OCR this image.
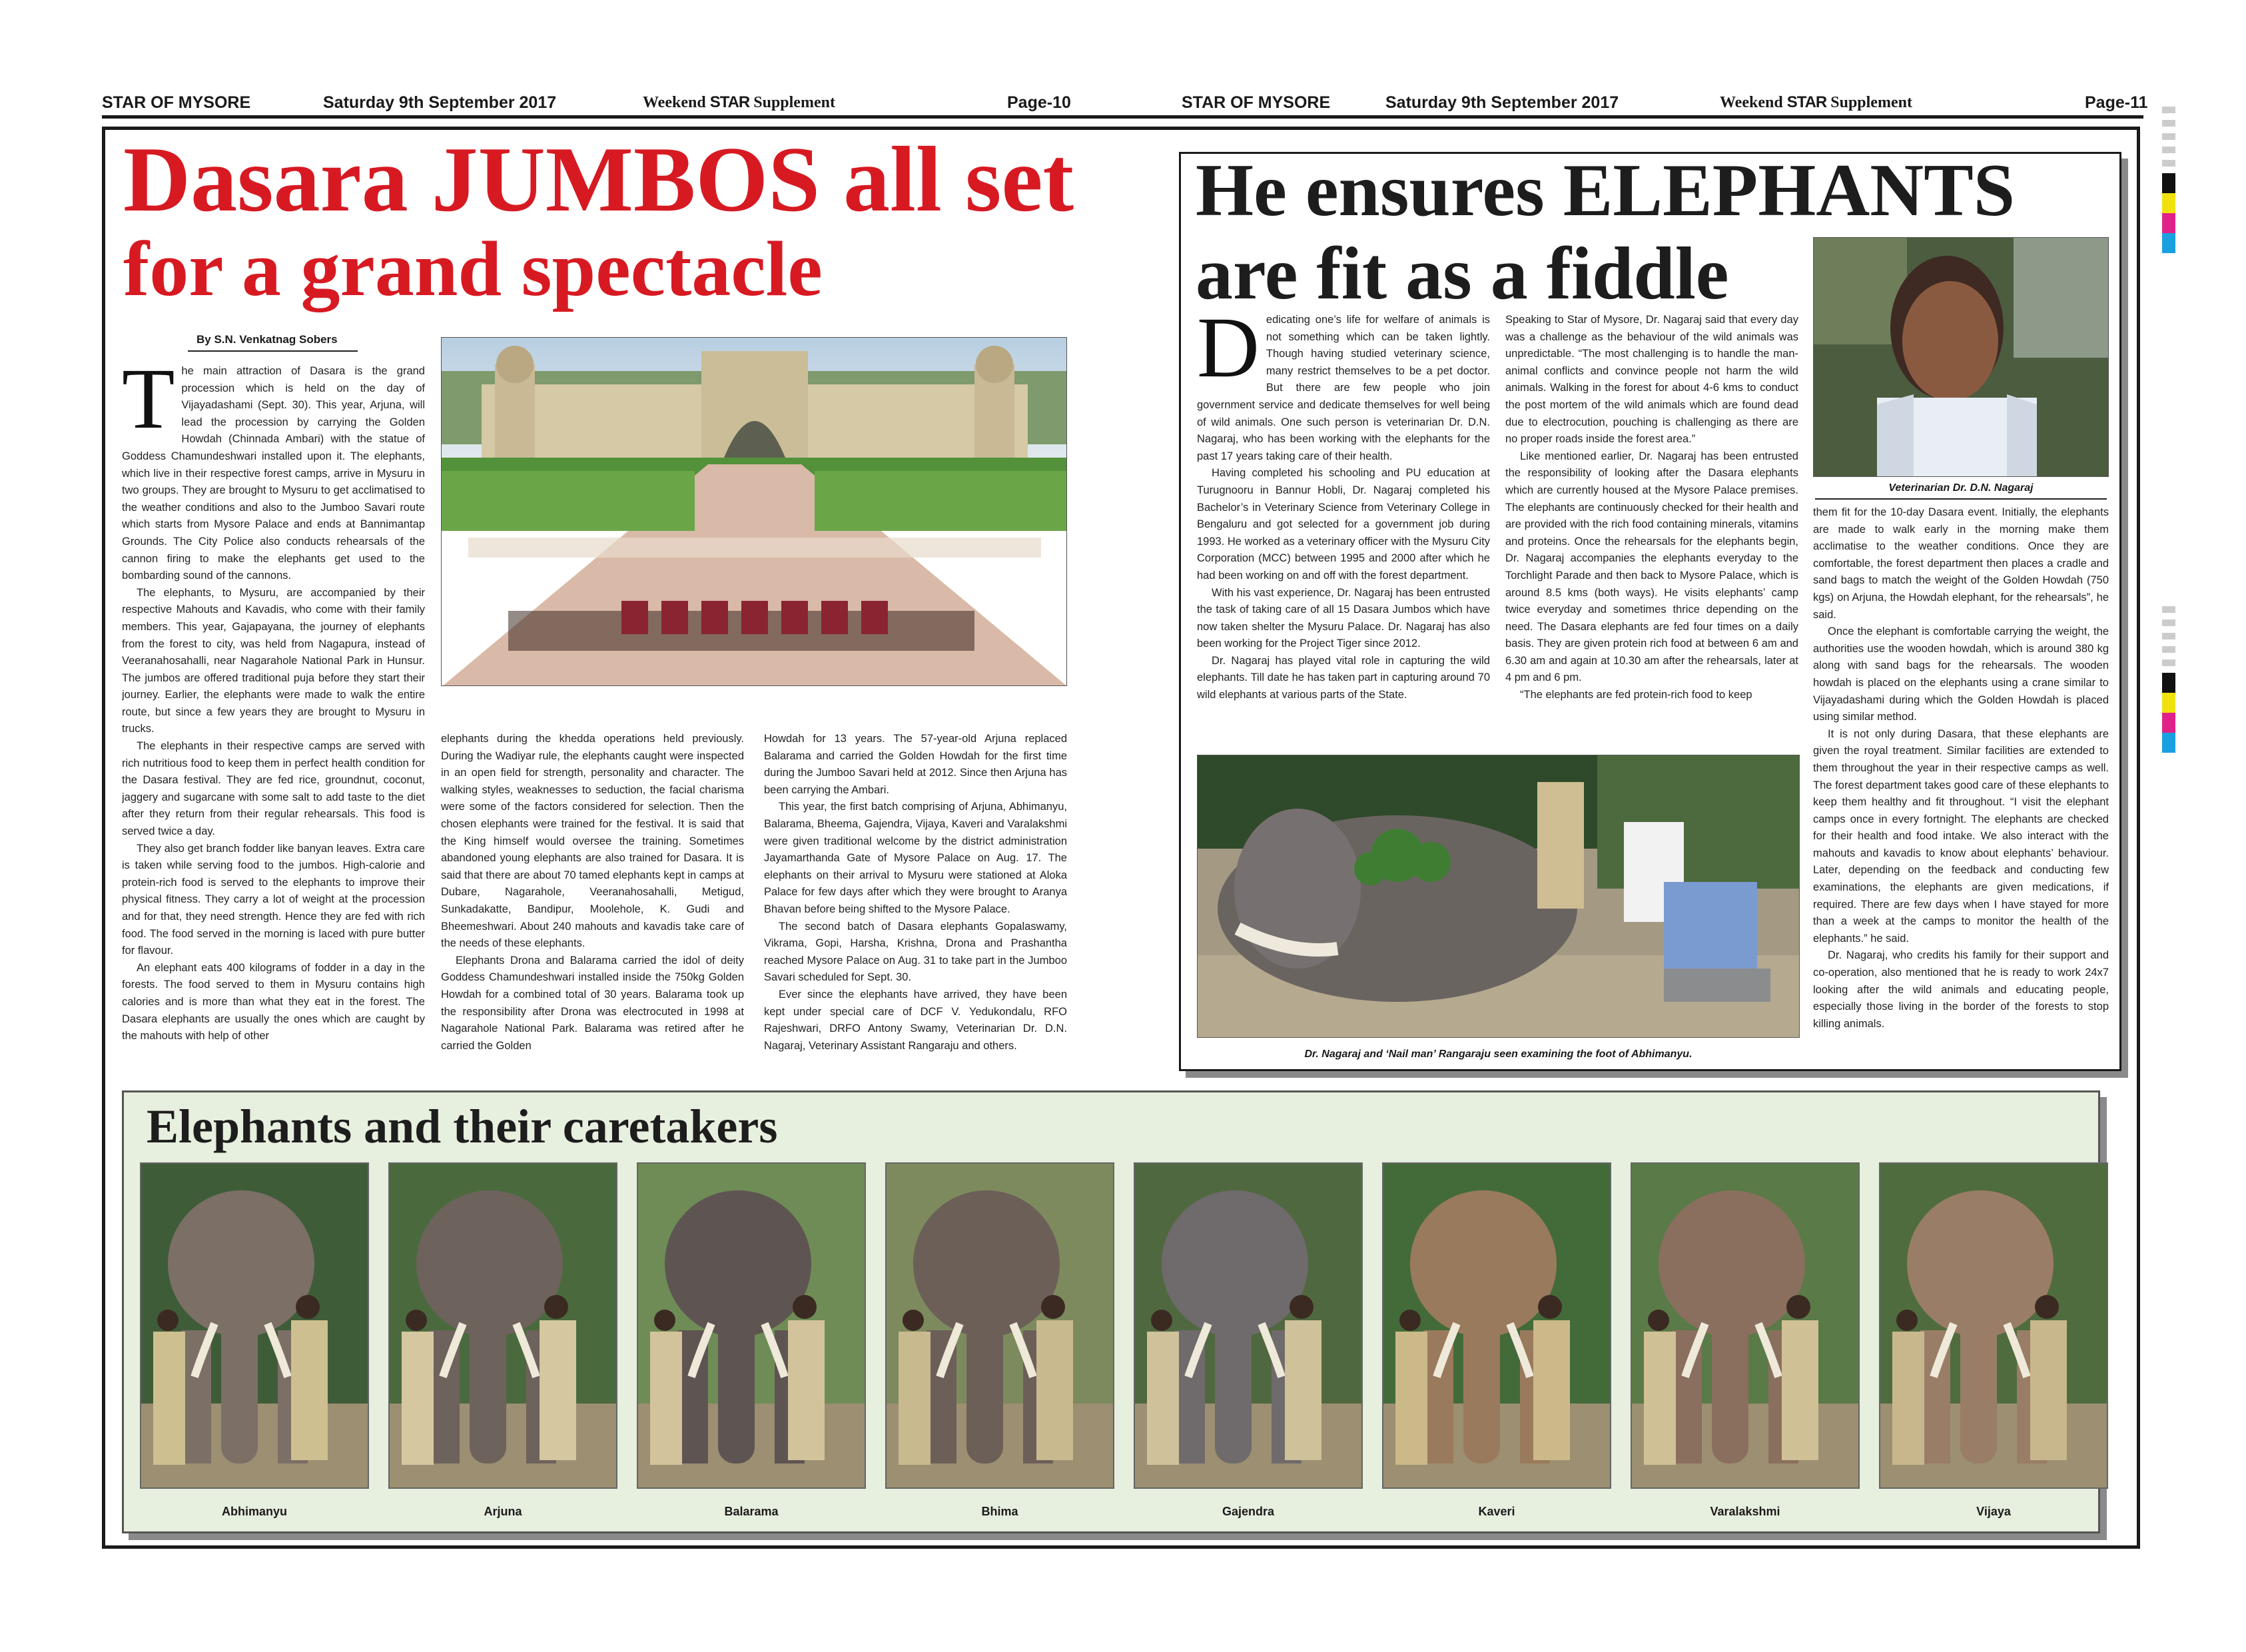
STAR OF MYSORE	Saturday 9th September 2017	Weekend STAR Supplement	Page-10	STAR OF MYSORE	Saturday 9th September 2017	Weekend STAR Supplement	Page-11
Dasara JUMBOS all set
for a grand spectacle
By S.N. Venkatnag Sobers
T he main attraction of Dasara is the grand procession which is held on the day of Vijayadashami (Sept. 30). This year, Arjuna, will lead the procession by carrying the Golden Howdah (Chinnada Ambari) with the statue of Goddess Chamundeshwari installed upon it. The elephants, which live in their respective forest camps, arrive in Mysuru in two groups. They are brought to Mysuru to get acclimatised to the weather conditions and also to the Jumboo Savari route which starts from Mysore Palace and ends at Bannimantap Grounds. The City Police also conducts rehearsals of the cannon firing to make the elephants get used to the bombarding sound of the cannons.

The elephants, to Mysuru, are accompanied by their respective Mahouts and Kavadis, who come with their family members. This year, Gajapayana, the journey of elephants from the forest to city, was held from Nagapura, instead of Veeranahosahalli, near Nagarahole National Park in Hunsur. The jumbos are offered traditional puja before they start their journey. Earlier, the elephants were made to walk the entire route, but since a few years they are brought to Mysuru in trucks.

The elephants in their respective camps are served with rich nutritious food to keep them in perfect health condition for the Dasara festival. They are fed rice, groundnut, coconut, jaggery and sugarcane with some salt to add taste to the diet after they return from their regular rehearsals. This food is served twice a day.

They also get branch fodder like banyan leaves. Extra care is taken while serving food to the jumbos. High-calorie and protein-rich food is served to the elephants to improve their physical fitness. They carry a lot of weight at the procession and for that, they need strength. Hence they are fed with rich food. The food served in the morning is laced with pure butter for flavour.

An elephant eats 400 kilograms of fodder in a day in the forests. The food served to them in Mysuru contains high calories and is more than what they eat in the forest. The Dasara elephants are usually the ones which are caught by the mahouts with help of other

elephants during the khedda operations held previously. During the Wadiyar rule, the elephants caught were inspected in an open field for strength, personality and character. The walking styles, weaknesses to seduction, the facial charisma were some of the factors considered for selection. Then the chosen elephants were trained for the festival. It is said that the King himself would oversee the training. Sometimes abandoned young elephants are also trained for Dasara. It is said that there are about 70 tamed elephants kept in camps at Dubare, Nagarahole, Veeranahosahalli, Metigud, Sunkadakatte, Bandipur, Moolehole, K. Gudi and Bheemeshwari. About 240 mahouts and kavadis take care of the needs of these elephants.

Elephants Drona and Balarama carried the idol of deity Goddess Chamundeshwari installed inside the 750kg Golden Howdah for a combined total of 30 years. Balarama took up the responsibility after Drona was electrocuted in 1998 at Nagarahole National Park. Balarama was retired after he carried the Golden

Howdah for 13 years. The 57-year-old Arjuna replaced Balarama and carried the Golden Howdah for the first time during the Jumboo Savari held at 2012. Since then Arjuna has been carrying the Ambari.

This year, the first batch comprising of Arjuna, Abhimanyu, Balarama, Bheema, Gajendra, Vijaya, Kaveri and Varalakshmi were given traditional welcome by the district administration Jayamarthanda Gate of Mysore Palace on Aug. 17. The elephants on their arrival to Mysuru were stationed at Aloka Palace for few days after which they were brought to Aranya Bhavan before being shifted to the Mysore Palace.

The second batch of Dasara elephants Gopalaswamy, Vikrama, Gopi, Harsha, Krishna, Drona and Prashantha reached Mysore Palace on Aug. 31 to take part in the Jumboo Savari scheduled for Sept. 30.

Ever since the elephants have arrived, they have been kept under special care of DCF V. Yedukondalu, RFO Rajeshwari, DRFO Antony Swamy, Veterinarian Dr. D.N. Nagaraj, Veterinary Assistant Rangaraju and others.

He ensures ELEPHANTS
are fit as a fiddle
Veterinarian Dr. D.N. Nagaraj
D edicating one’s life for welfare of animals is not something which can be taken lightly. Though having studied veterinary science, many restrict themselves to be a pet doctor. But there are few people who join government service and dedicate themselves for well being of wild animals. One such person is veterinarian Dr. D.N. Nagaraj, who has been working with the elephants for the past 17 years taking care of their health.

Having completed his schooling and PU education at Turugnooru in Bannur Hobli, Dr. Nagaraj completed his Bachelor’s in Veterinary Science from Veterinary College in Bengaluru and got selected for a government job during 1993. He worked as a veterinary officer with the Mysuru City Corporation (MCC) between 1995 and 2000 after which he had been working on and off with the forest department.

With his vast experience, Dr. Nagaraj has been entrusted the task of taking care of all 15 Dasara Jumbos which have now taken shelter the Mysuru Palace. Dr. Nagaraj has also been working for the Project Tiger since 2012.

Dr. Nagaraj has played vital role in capturing the wild elephants. Till date he has taken part in capturing around 70 wild elephants at various parts of the State.

Speaking to Star of Mysore, Dr. Nagaraj said that every day was a challenge as the behaviour of the wild animals was unpredictable. “The most challenging is to handle the man-animal conflicts and convince people not harm the wild animals. Walking in the forest for about 4-6 kms to conduct the post mortem of the wild animals which are found dead due to electrocution, pouching is challenging as there are no proper roads inside the forest area.”

Like mentioned earlier, Dr. Nagaraj has been entrusted the responsibility of looking after the Dasara elephants which are currently housed at the Mysore Palace premises. The elephants are continuously checked for their health and are provided with the rich food containing minerals, vitamins and proteins. Once the rehearsals for the elephants begin, Dr. Nagaraj accompanies the elephants everyday to the Torchlight Parade and then back to Mysore Palace, which is around 8.5 kms (both ways). He visits elephants’ camp twice everyday and sometimes thrice depending on the need. The Dasara elephants are fed four times on a daily basis. They are given protein rich food at between 6 am and 6.30 am and again at 10.30 am after the rehearsals, later at 4 pm and 6 pm.

“The elephants are fed protein-rich food to keep

them fit for the 10-day Dasara event. Initially, the elephants are made to walk early in the morning make them acclimatise to the weather conditions. Once they are comfortable, the forest department then places a cradle and sand bags to match the weight of the Golden Howdah (750 kgs) on Arjuna, the Howdah elephant, for the rehearsals”, he said.

Once the elephant is comfortable carrying the weight, the authorities use the wooden howdah, which is around 380 kg along with sand bags for the rehearsals. The wooden howdah is placed on the elephants using a crane similar to Vijayadashami during which the Golden Howdah is placed using similar method.

It is not only during Dasara, that these elephants are given the royal treatment. Similar facilities are extended to them throughout the year in their respective camps as well. The forest department takes good care of these elephants to keep them healthy and fit throughout. “I visit the elephant camps once in every fortnight. The elephants are checked for their health and food intake. We also interact with the mahouts and kavadis to know about elephants’ behaviour. Later, depending on the feedback and conducting few examinations, the elephants are given medications, if required. There are few days when I have stayed for more than a week at the camps to monitor the health of the elephants.” he said.

Dr. Nagaraj, who credits his family for their support and co-operation, also mentioned that he is ready to work 24x7 looking after the wild animals and educating people, especially those living in the border of the forests to stop killing animals.

Dr. Nagaraj and ‘Nail man’ Rangaraju seen examining the foot of Abhimanyu.
Elephants and their caretakers
Abhimanyu	Arjuna	Balarama	Bhima	Gajendra	Kaveri	Varalakshmi	Vijaya
